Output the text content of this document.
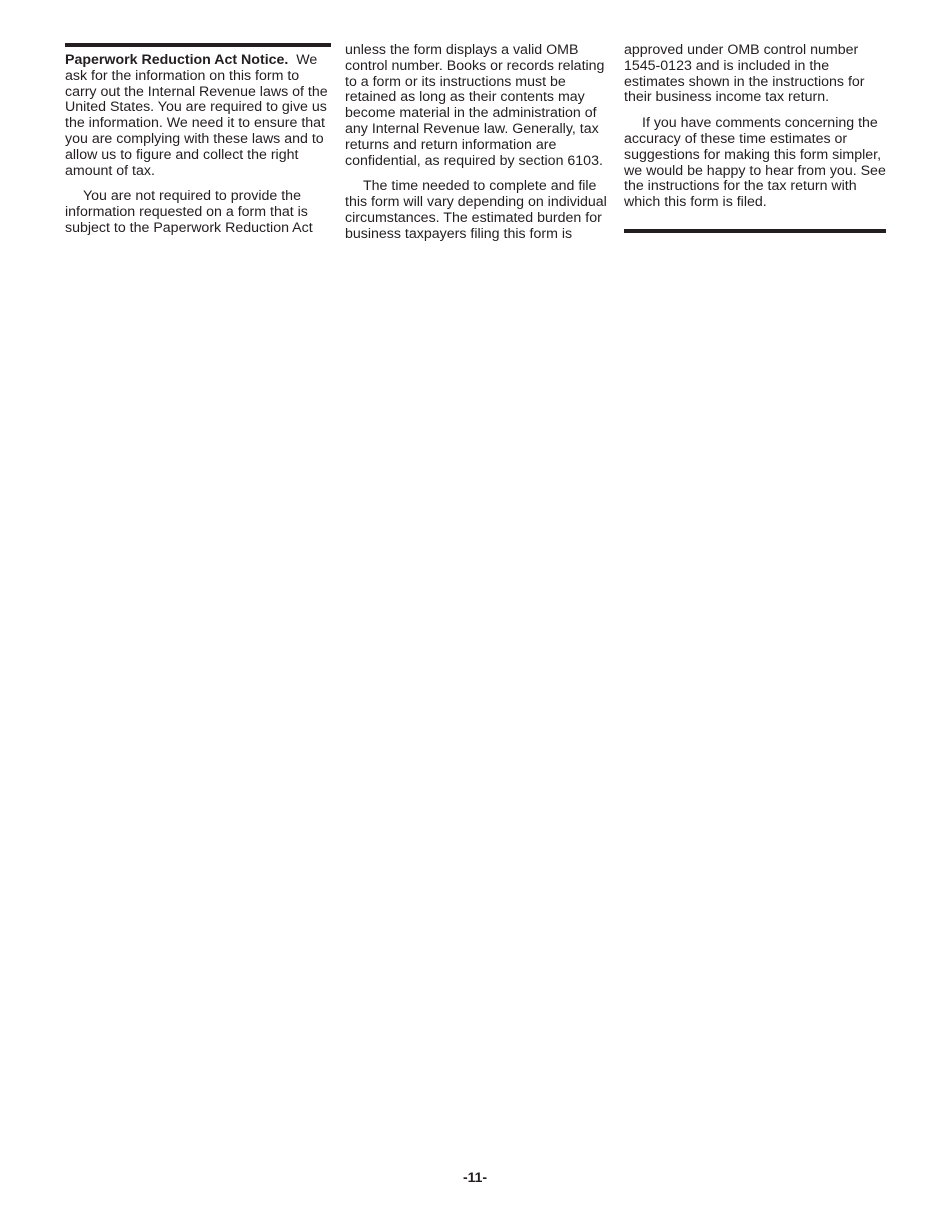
Paperwork Reduction Act Notice. We ask for the information on this form to carry out the Internal Revenue laws of the United States. You are required to give us the information. We need it to ensure that you are complying with these laws and to allow us to figure and collect the right amount of tax.

You are not required to provide the information requested on a form that is subject to the Paperwork Reduction Act

unless the form displays a valid OMB control number. Books or records relating to a form or its instructions must be retained as long as their contents may become material in the administration of any Internal Revenue law. Generally, tax returns and return information are confidential, as required by section 6103.

The time needed to complete and file this form will vary depending on individual circumstances. The estimated burden for business taxpayers filing this form is

approved under OMB control number 1545-0123 and is included in the estimates shown in the instructions for their business income tax return.

If you have comments concerning the accuracy of these time estimates or suggestions for making this form simpler, we would be happy to hear from you. See the instructions for the tax return with which this form is filed.

-11-
